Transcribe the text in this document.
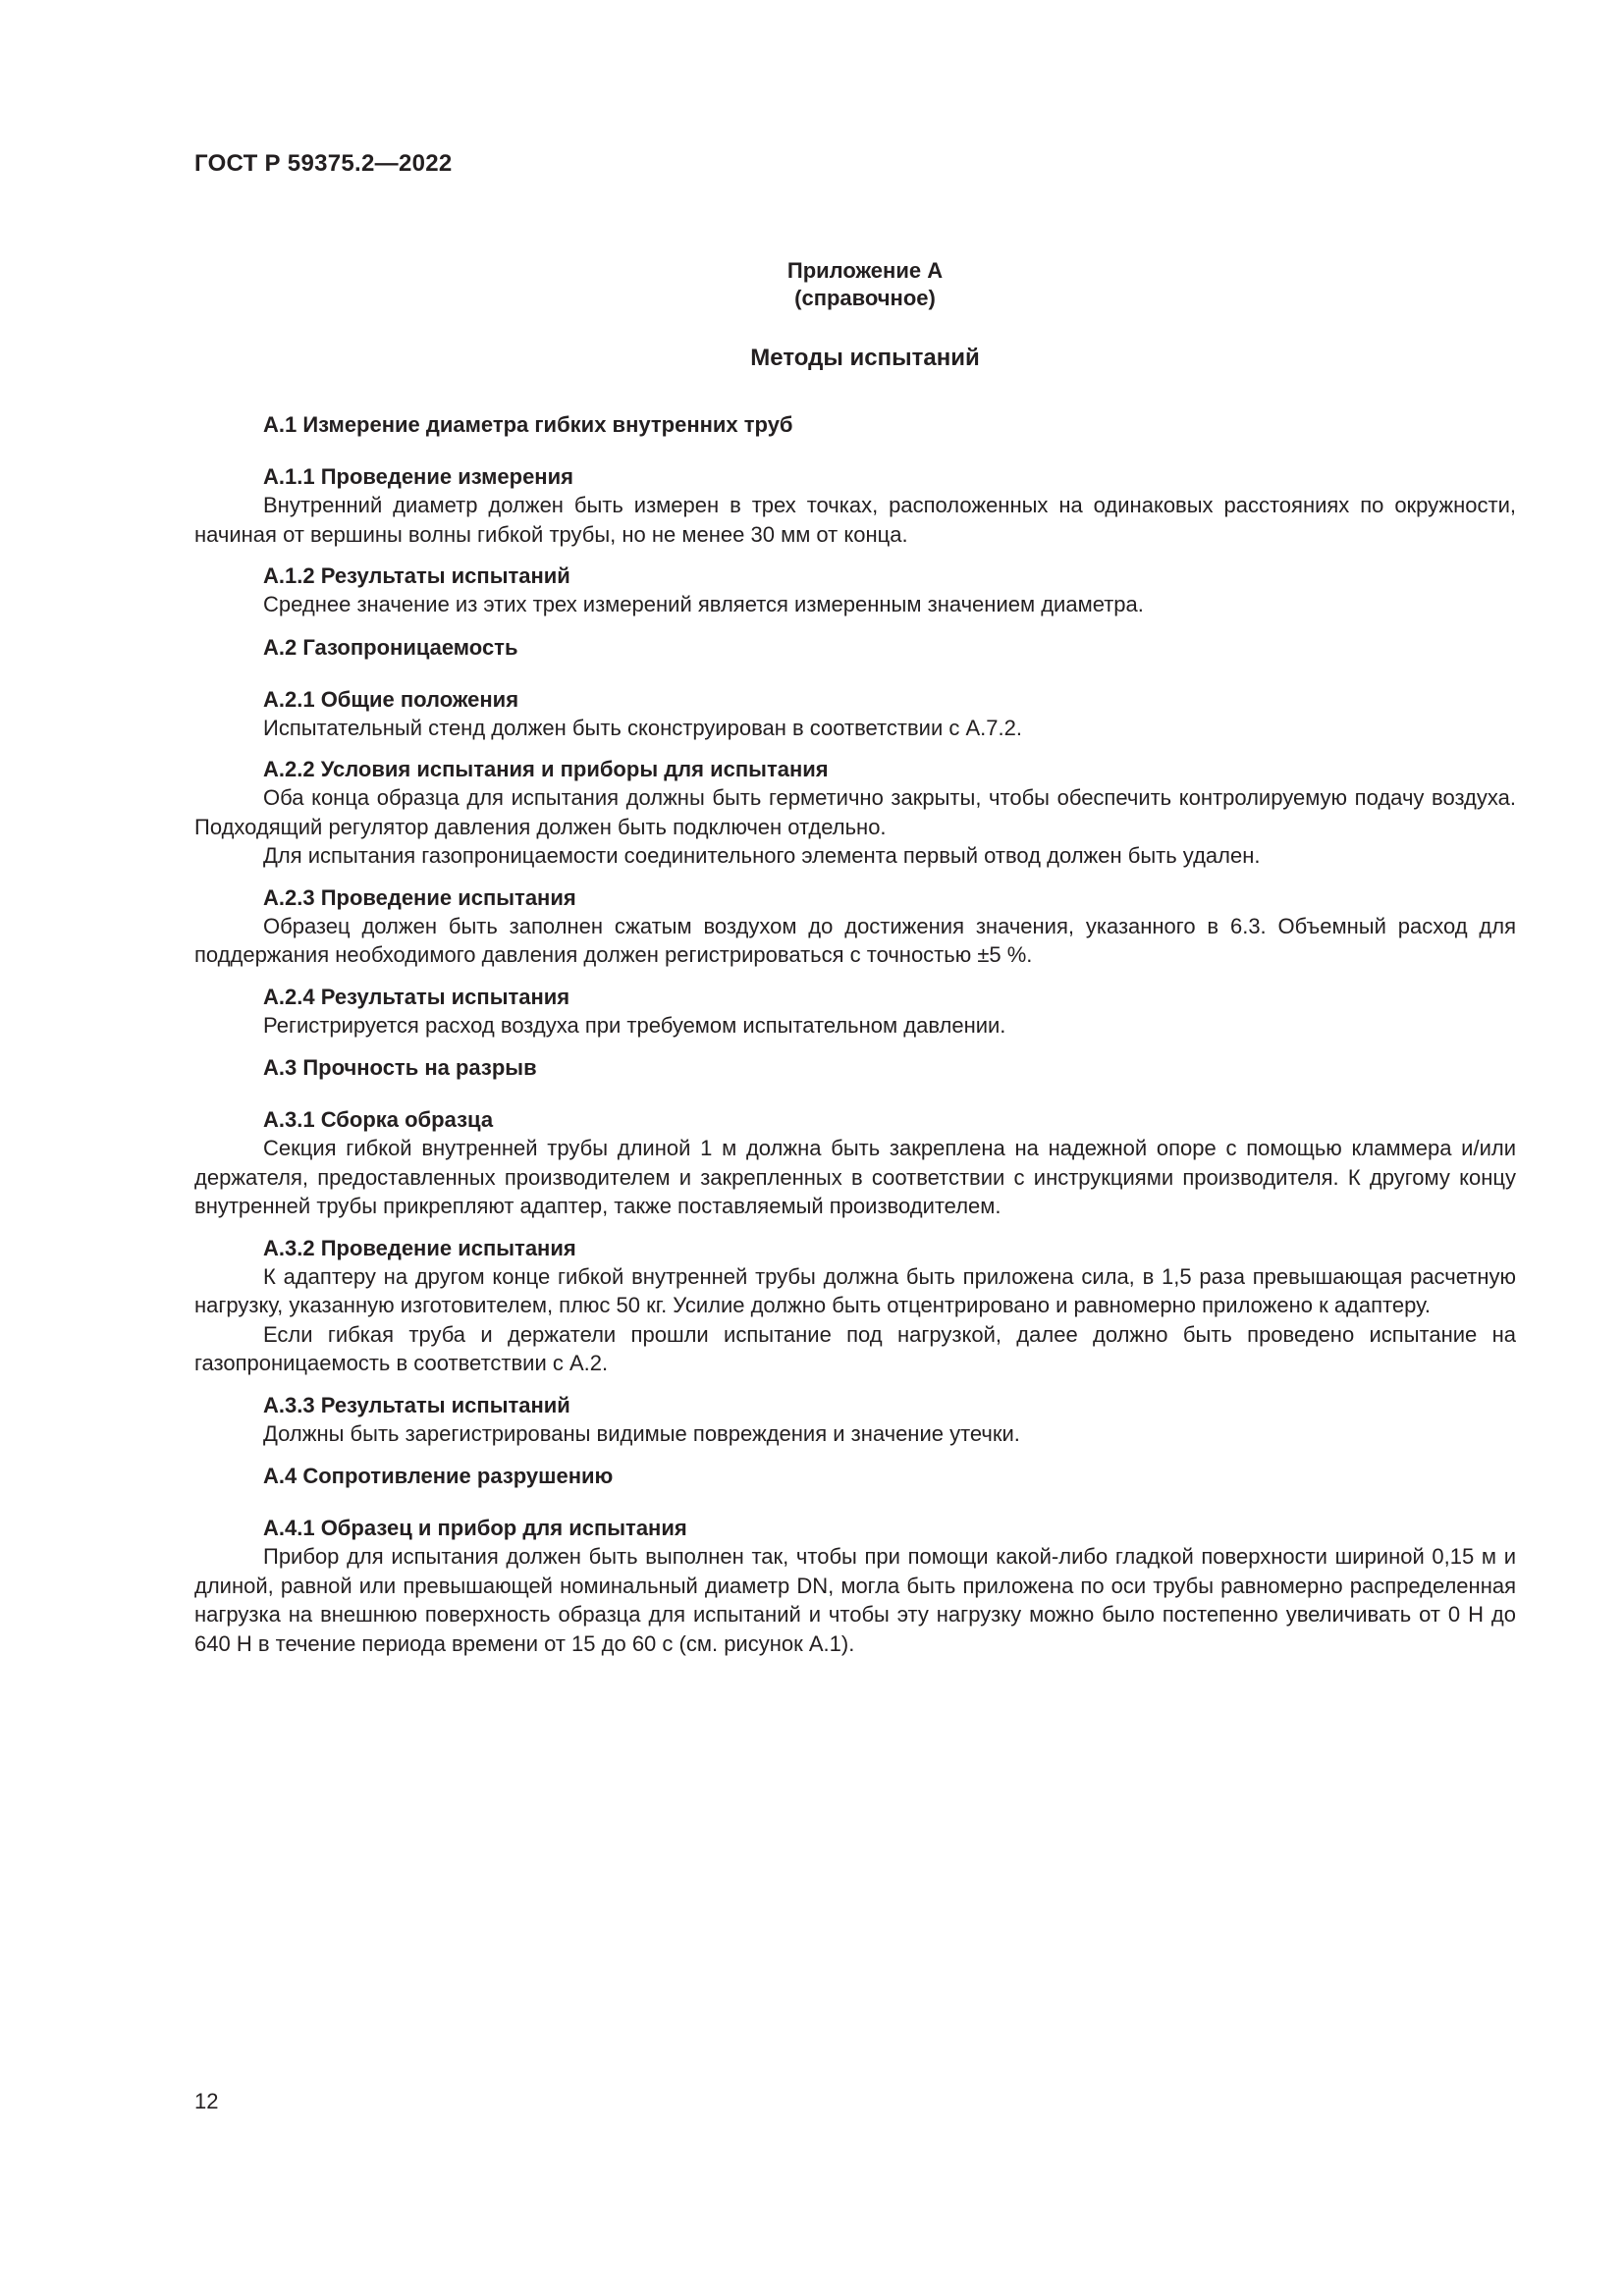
ГОСТ Р 59375.2—2022
Приложение А
(справочное)
Методы испытаний
А.1 Измерение диаметра гибких внутренних труб
А.1.1 Проведение измерения

Внутренний диаметр должен быть измерен в трех точках, расположенных на одинаковых расстояниях по окружности, начиная от вершины волны гибкой трубы, но не менее 30 мм от конца.

А.1.2 Результаты испытаний

Среднее значение из этих трех измерений является измеренным значением диаметра.

А.2 Газопроницаемость
А.2.1 Общие положения

Испытательный стенд должен быть сконструирован в соответствии с А.7.2.

А.2.2 Условия испытания и приборы для испытания

Оба конца образца для испытания должны быть герметично закрыты, чтобы обеспечить контролируемую подачу воздуха. Подходящий регулятор давления должен быть подключен отдельно.

Для испытания газопроницаемости соединительного элемента первый отвод должен быть удален.

А.2.3 Проведение испытания

Образец должен быть заполнен сжатым воздухом до достижения значения, указанного в 6.3. Объемный расход для поддержания необходимого давления должен регистрироваться с точностью ±5 %.

А.2.4 Результаты испытания

Регистрируется расход воздуха при требуемом испытательном давлении.

А.3 Прочность на разрыв
А.3.1 Сборка образца

Секция гибкой внутренней трубы длиной 1 м должна быть закреплена на надежной опоре с помощью кламмера и/или держателя, предоставленных производителем и закрепленных в соответствии с инструкциями производителя. К другому концу внутренней трубы прикрепляют адаптер, также поставляемый производителем.

А.3.2 Проведение испытания

К адаптеру на другом конце гибкой внутренней трубы должна быть приложена сила, в 1,5 раза превышающая расчетную нагрузку, указанную изготовителем, плюс 50 кг. Усилие должно быть отцентрировано и равномерно приложено к адаптеру.

Если гибкая труба и держатели прошли испытание под нагрузкой, далее должно быть проведено испытание на газопроницаемость в соответствии с А.2.

А.3.3 Результаты испытаний

Должны быть зарегистрированы видимые повреждения и значение утечки.

А.4 Сопротивление разрушению
А.4.1 Образец и прибор для испытания

Прибор для испытания должен быть выполнен так, чтобы при помощи какой-либо гладкой поверхности шириной 0,15 м и длиной, равной или превышающей номинальный диаметр DN, могла быть приложена по оси трубы равномерно распределенная нагрузка на внешнюю поверхность образца для испытаний и чтобы эту нагрузку можно было постепенно увеличивать от 0 Н до 640 Н в течение периода времени от 15 до 60 с (см. рисунок А.1).

12
